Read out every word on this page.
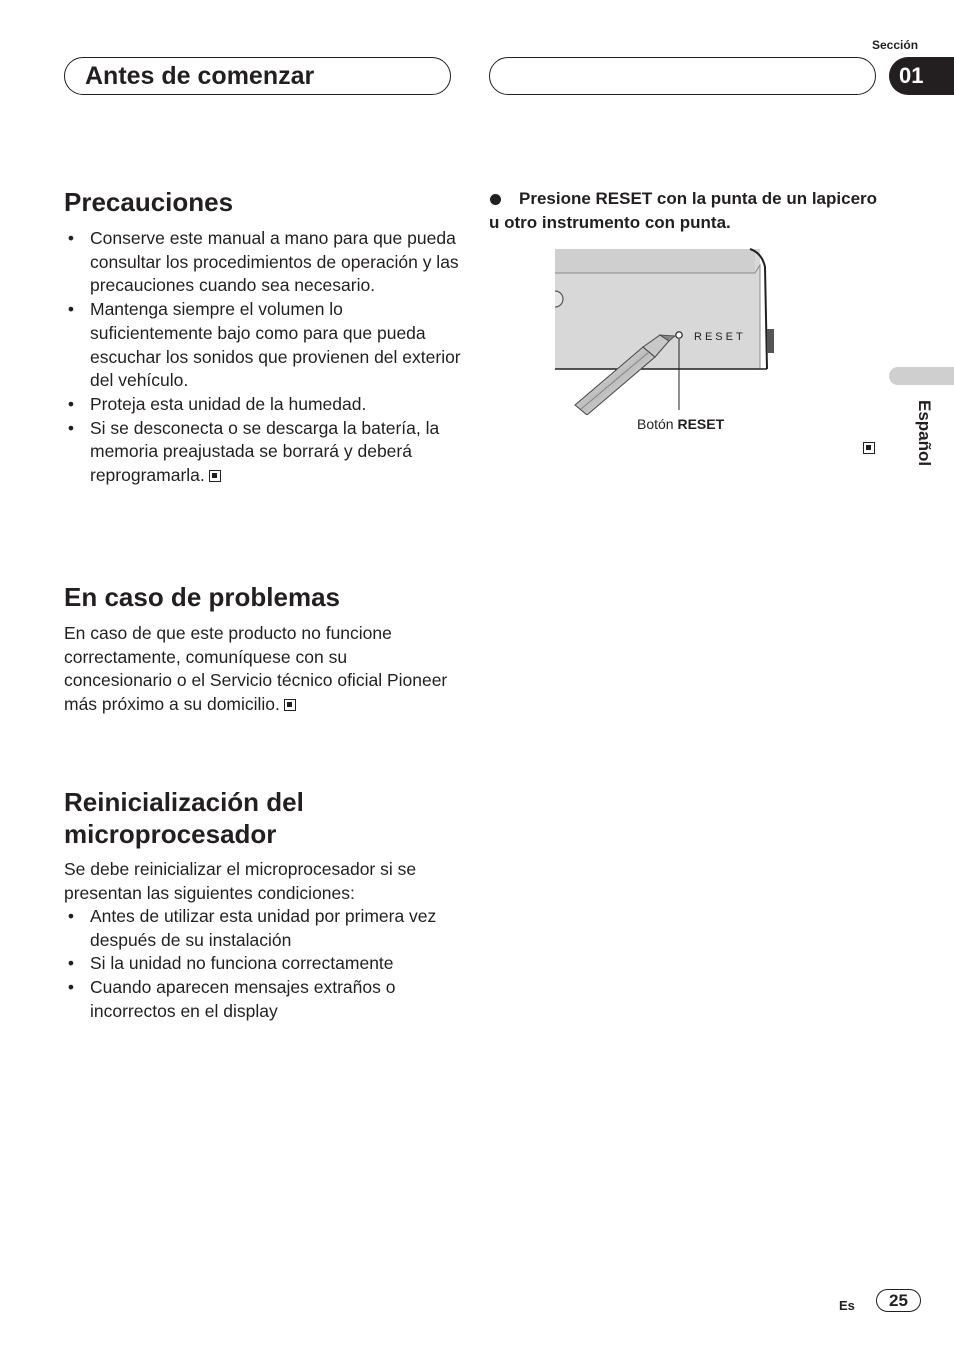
Sección
Antes de comenzar	01
Español
Precauciones
• Conserve este manual a mano para que pueda consultar los procedimientos de operación y las precauciones cuando sea necesario.
• Mantenga siempre el volumen lo suficientemente bajo como para que pueda escuchar los sonidos que provienen del exterior del vehículo.
• Proteja esta unidad de la humedad.
• Si se desconecta o se descarga la batería, la memoria preajustada se borrará y deberá reprogramarla.
En caso de problemas

En caso de que este producto no funcione correctamente, comuníquese con su concesionario o el Servicio técnico oficial Pioneer más próximo a su domicilio.

Reinicialización del microprocesador

Se debe reinicializar el microprocesador si se presentan las siguientes condiciones:

• Antes de utilizar esta unidad por primera vez después de su instalación
• Si la unidad no funciona correctamente
• Cuando aparecen mensajes extraños o incorrectos en el display

Presione RESET con la punta de un lapicero u otro instrumento con punta.

RESET
Botón RESET
Es	25
